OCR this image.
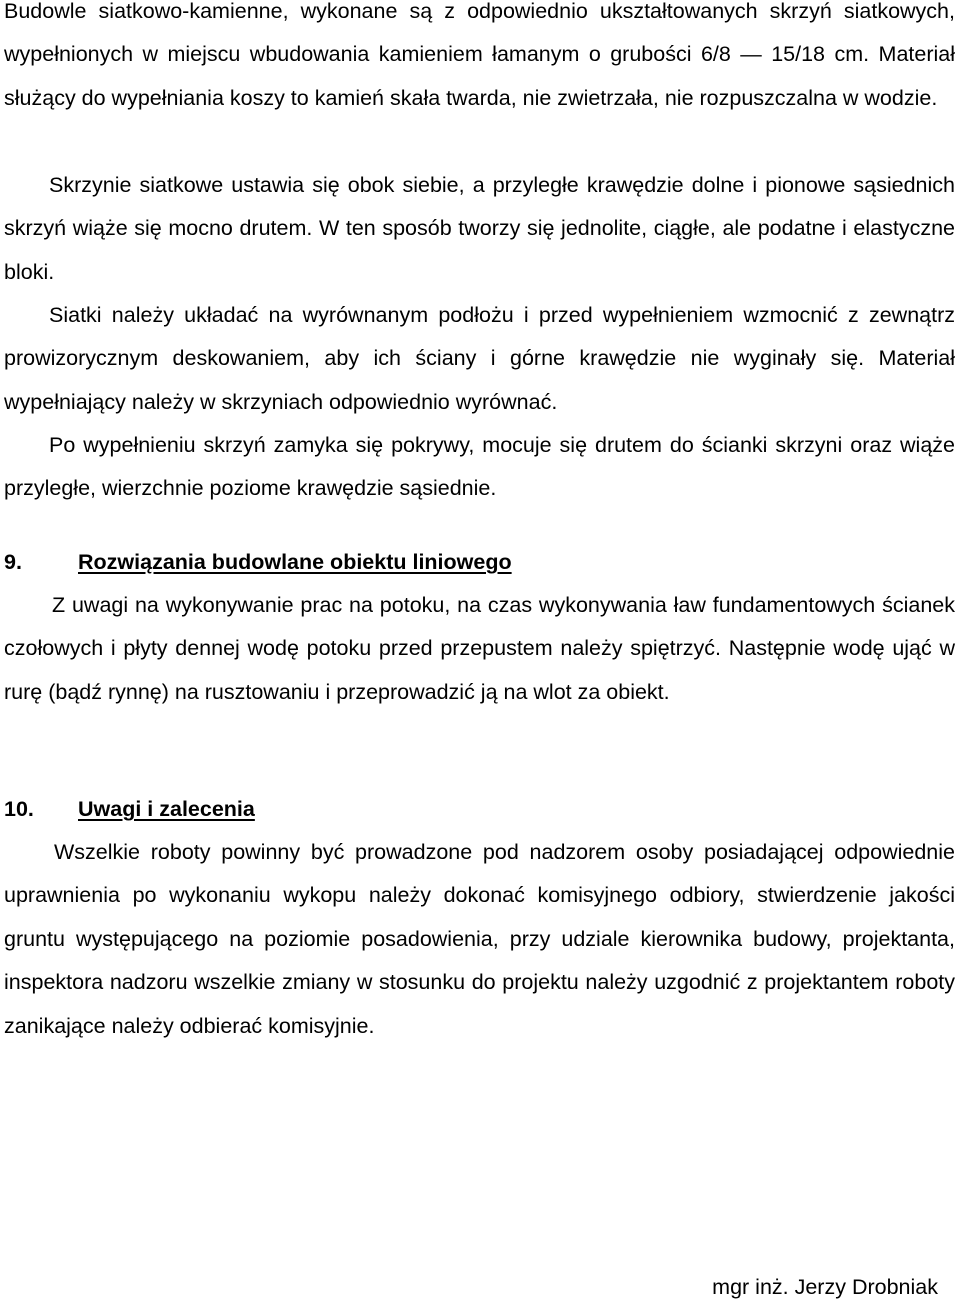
Budowle siatkowo-kamienne, wykonane są z odpowiednio ukształtowanych skrzyń siatkowych, wypełnionych w miejscu wbudowania kamieniem łamanym o grubości 6/8 — 15/18 cm. Materiał służący do wypełniania koszy to kamień skała twarda, nie zwietrzała, nie rozpuszczalna w wodzie.

Skrzynie siatkowe ustawia się obok siebie, a przyległe krawędzie dolne i pionowe sąsiednich skrzyń wiąże się mocno drutem. W ten sposób tworzy się jednolite, ciągłe, ale podatne i elastyczne bloki.

Siatki należy układać na wyrównanym podłożu i przed wypełnieniem wzmocnić z zewnątrz prowizorycznym deskowaniem, aby ich ściany i górne krawędzie nie wyginały się. Materiał wypełniający należy w skrzyniach odpowiednio wyrównać.

Po wypełnieniu skrzyń zamyka się pokrywy, mocuje się drutem do ścianki skrzyni oraz wiąże przyległe, wierzchnie poziome krawędzie sąsiednie.

9.	Rozwiązania budowlane obiektu liniowego

Z uwagi na wykonywanie prac na potoku, na czas wykonywania ław fundamentowych ścianek czołowych i płyty dennej wodę potoku przed przepustem należy spiętrzyć. Następnie wodę ująć w rurę (bądź rynnę) na rusztowaniu i przeprowadzić ją na wlot za obiekt.

10. Uwagi i zalecenia

Wszelkie roboty powinny być prowadzone pod nadzorem osoby posiadającej odpowiednie uprawnienia po wykonaniu wykopu należy dokonać komisyjnego odbiory, stwierdzenie jakości gruntu występującego na poziomie posadowienia, przy udziale kierownika budowy, projektanta, inspektora nadzoru wszelkie zmiany w stosunku do projektu należy uzgodnić z projektantem roboty zanikające należy odbierać komisyjnie.

mgr inż. Jerzy Drobniak
